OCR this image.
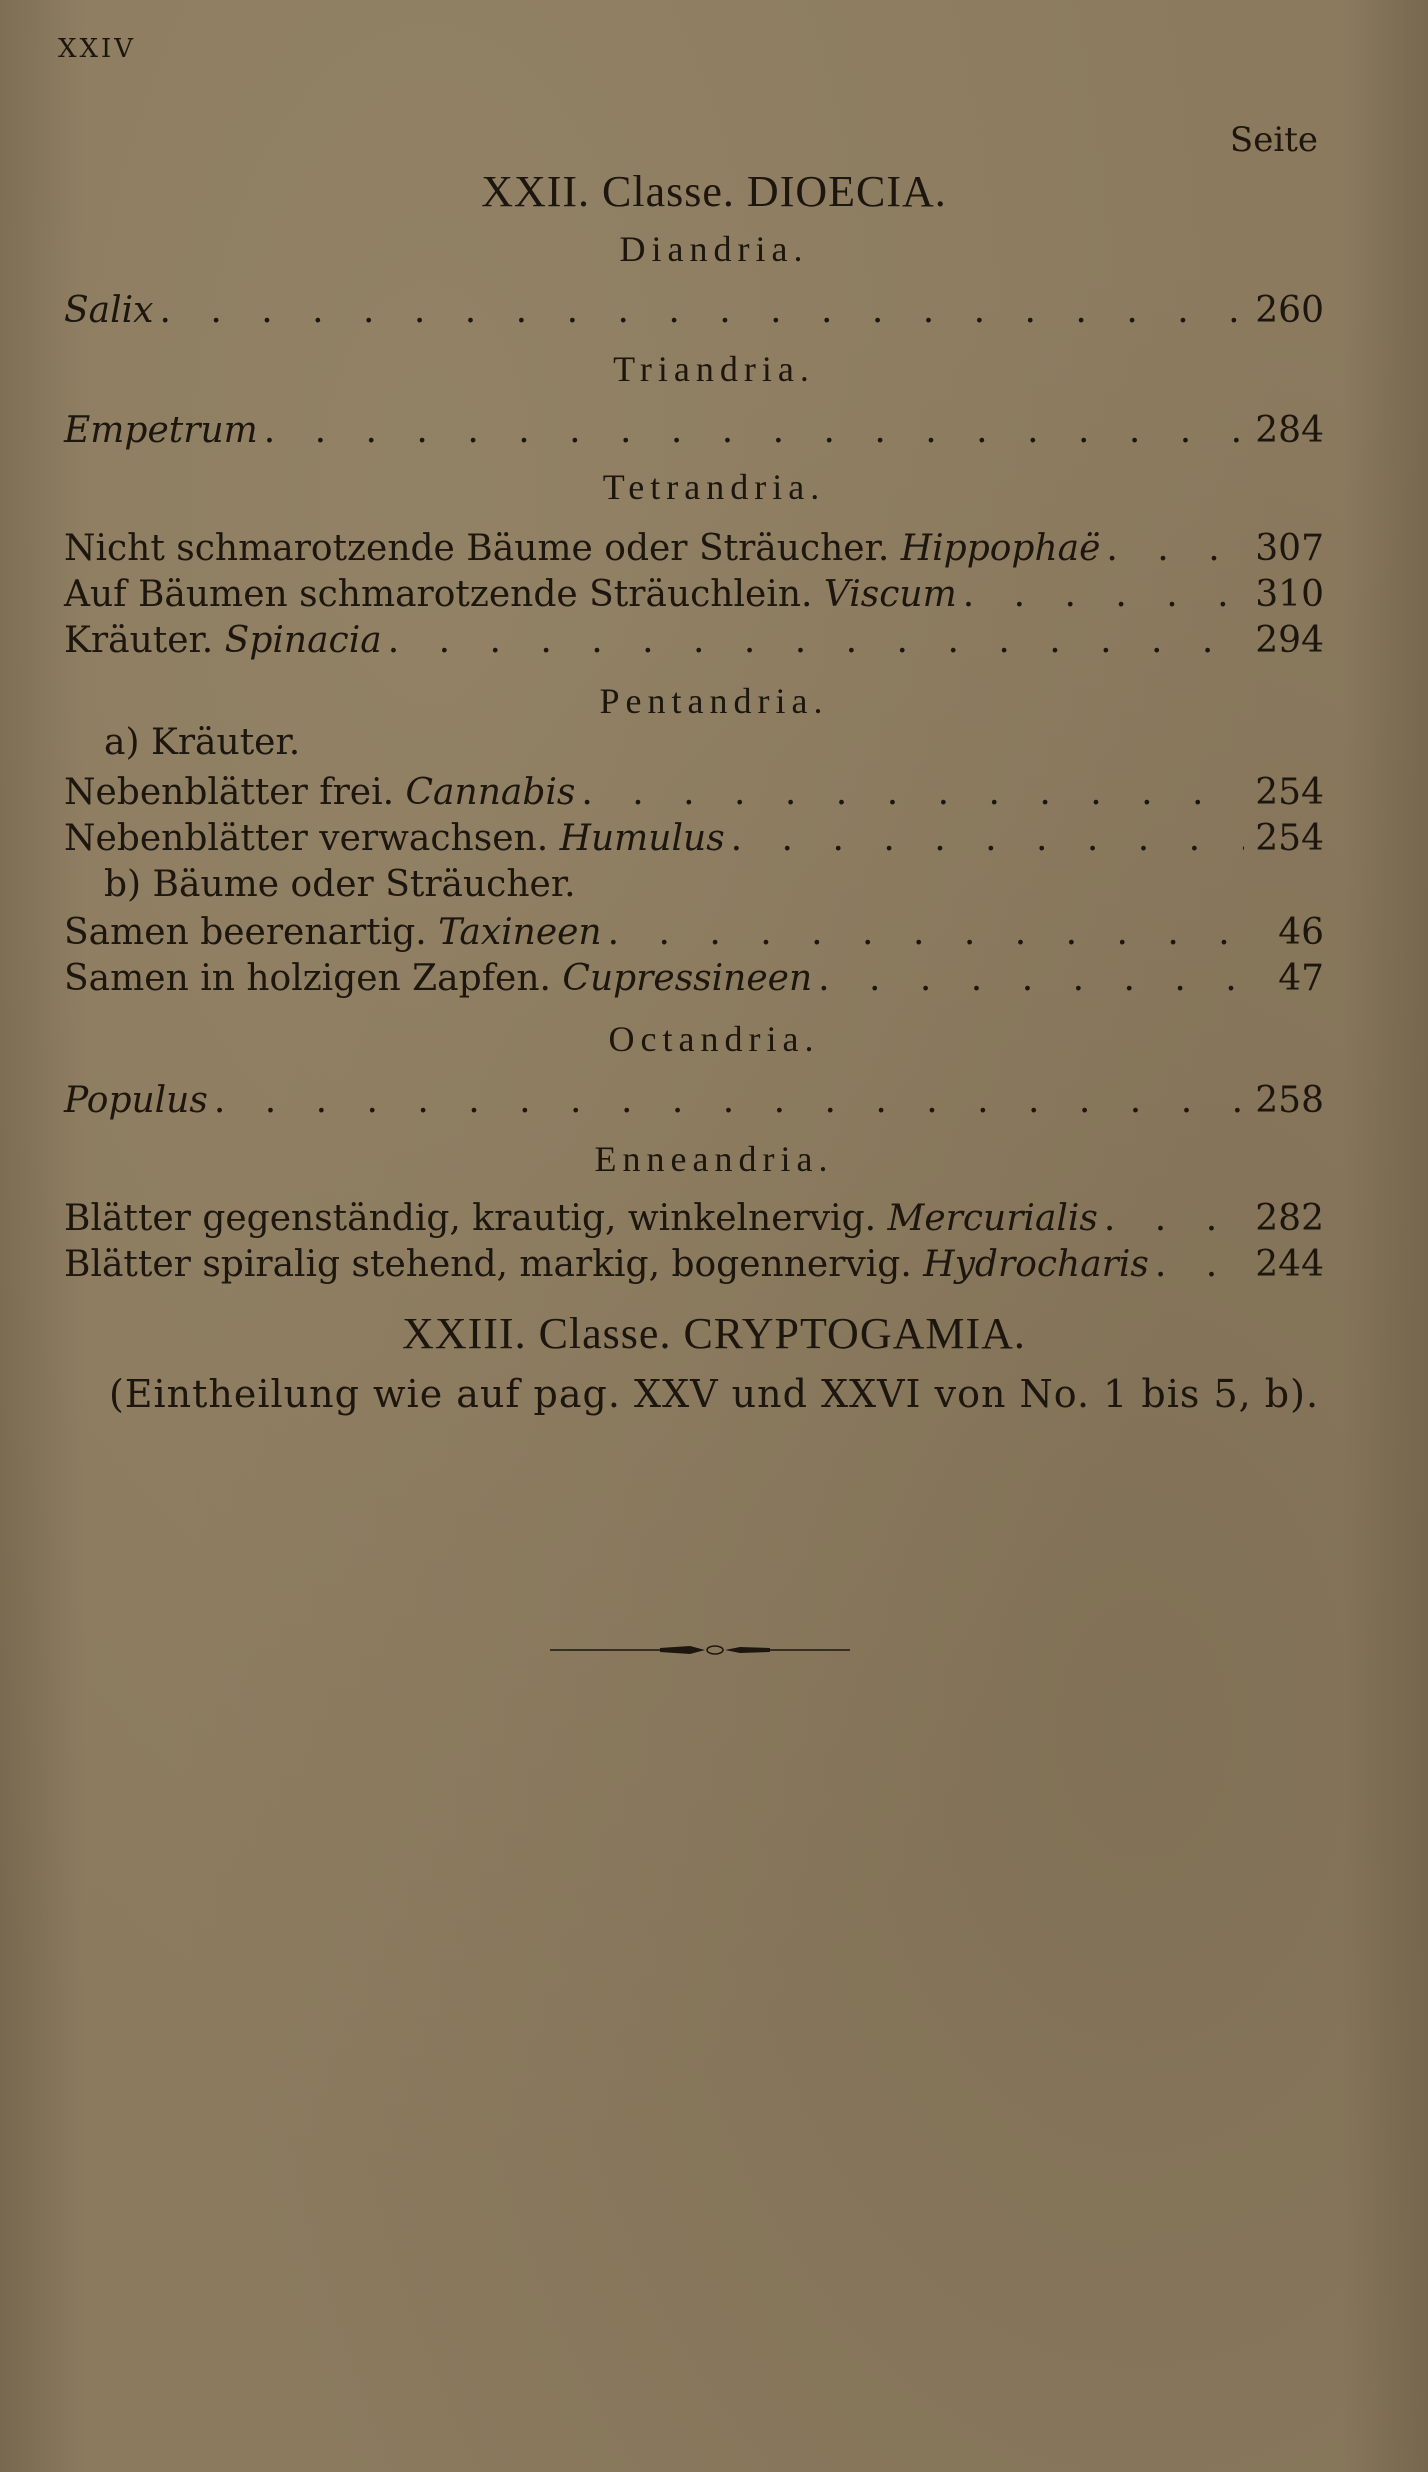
XXIV
Seite
XXII. Classe. DIOECIA.
Diandria.
Salix . . .	260
Triandria.
Empetrum . . .	284
Tetrandria.
Nicht schmarotzende Bäume oder Sträucher. Hippophaë . . .	307
Auf Bäumen schmarotzende Sträuchlein. Viscum . . .	310
Kräuter. Spinacia . . .	294
Pentandria.
a) Kräuter.
Nebenblätter frei. Cannabis . . .	254
Nebenblätter verwachsen. Humulus . . .	254
b) Bäume oder Sträucher.
Samen beerenartig. Taxineen . . .	46
Samen in holzigen Zapfen. Cupressineen . . .	47
Octandria.
Populus . . .	258
Enneandria.
Blätter gegenständig, krautig, winkelnervig. Mercurialis . . .	282
Blätter spiralig stehend, markig, bogennervig. Hydrocharis . . .	244
XXIII. Classe. CRYPTOGAMIA.
(Eintheilung wie auf pag. XXV und XXVI von No. 1 bis 5, b).
